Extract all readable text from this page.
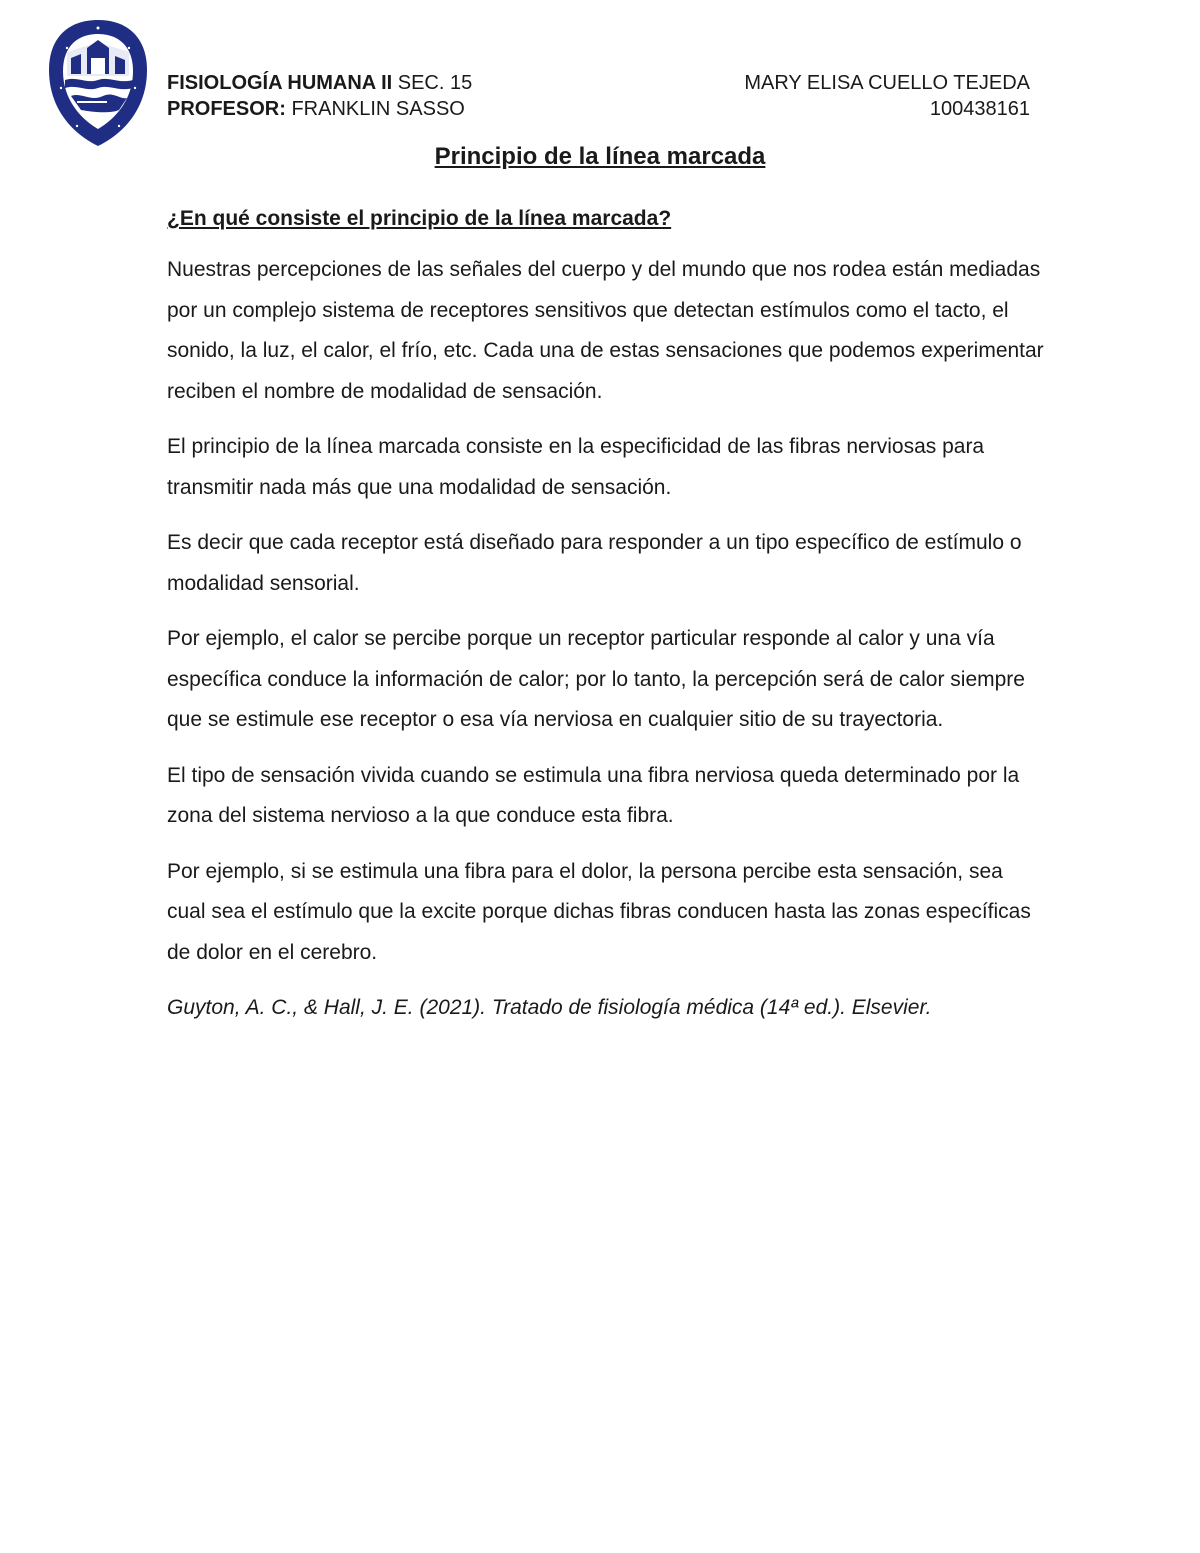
FISIOLOGÍA HUMANA II SEC. 15	MARY ELISA CUELLO TEJEDA
PROFESOR: FRANKLIN SASSO	100438161
Principio de la línea marcada

¿En qué consiste el principio de la línea marcada?

Nuestras percepciones de las señales del cuerpo y del mundo que nos rodea están mediadas por un complejo sistema de receptores sensitivos que detectan estímulos como el tacto, el sonido, la luz, el calor, el frío, etc. Cada una de estas sensaciones que podemos experimentar reciben el nombre de modalidad de sensación.

El principio de la línea marcada consiste en la especificidad de las fibras nerviosas para transmitir nada más que una modalidad de sensación.

Es decir que cada receptor está diseñado para responder a un tipo específico de estímulo o modalidad sensorial.

Por ejemplo, el calor se percibe porque un receptor particular responde al calor y una vía específica conduce la información de calor; por lo tanto, la percepción será de calor siempre que se estimule ese receptor o esa vía nerviosa en cualquier sitio de su trayectoria.

El tipo de sensación vivida cuando se estimula una fibra nerviosa queda determinado por la zona del sistema nervioso a la que conduce esta fibra.

Por ejemplo, si se estimula una fibra para el dolor, la persona percibe esta sensación, sea cual sea el estímulo que la excite porque dichas fibras conducen hasta las zonas específicas de dolor en el cerebro.

Guyton, A. C., & Hall, J. E. (2021). Tratado de fisiología médica (14ª ed.). Elsevier.
